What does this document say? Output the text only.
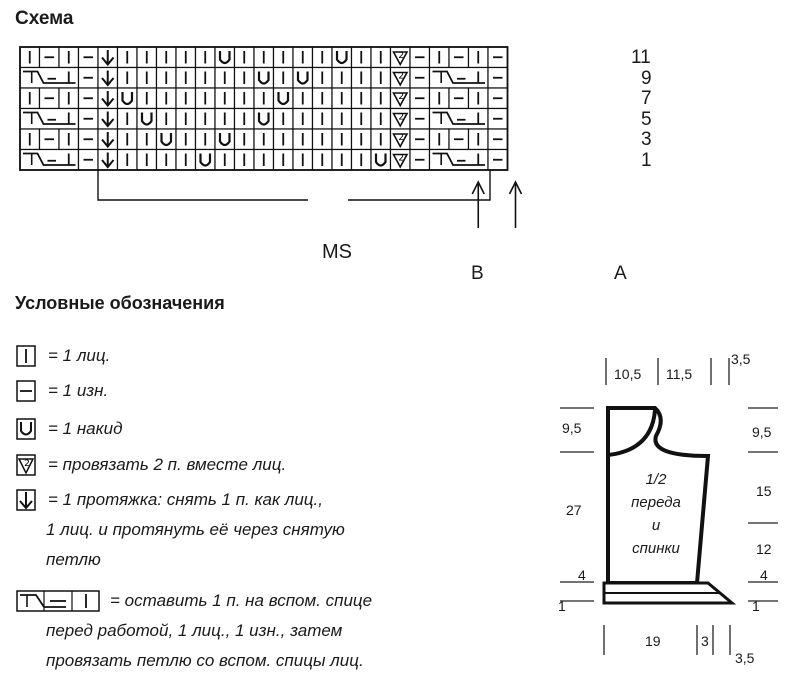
Схема
2
2
2
2
2
2
11
9
7
5
3
1
MS
B	A
Условные обозначения
= 1 лиц.
= 1 изн.
= 1 накид
2 = провязать 2 п. вместе лиц.
= 1 протяжка: снять 1 п. как лиц.,
1 лиц. и протянуть её через снятую
петлю
= оставить 1 п. на вспом. спице
перед работой, 1 лиц., 1 изн., затем
провязать петлю со вспом. спицы лиц.
10,5 11,5
3,5
9,5
27
4
1
9,5
15
12
4
1
19	3
3,5
1/2
переда
и
спинки
